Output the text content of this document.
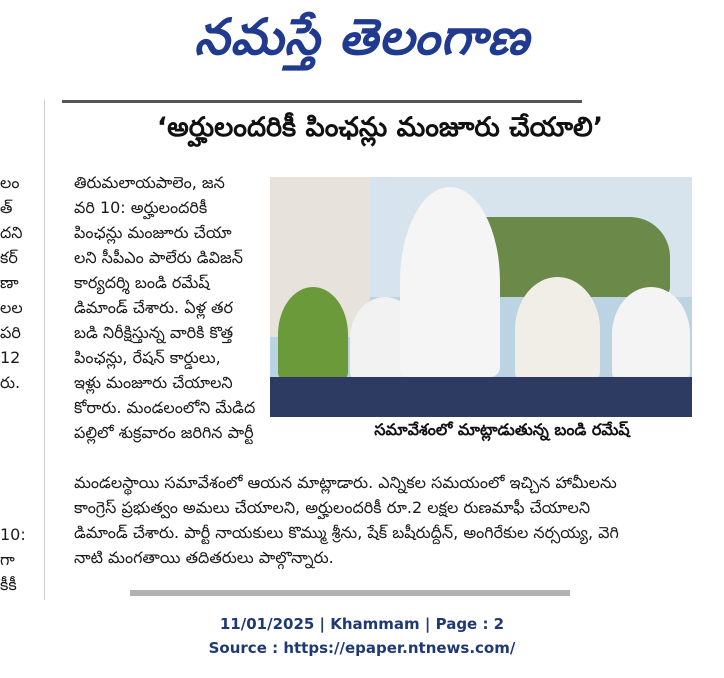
నమస్తే తెలంగాణ
లం
త్
దని
కర్
ణా
లల
పరి
12
రు.
10:
గా
కీకీ
‘అర్హులందరికీ పింఛన్లు మంజూరు చేయాలి’
తిరుమలాయపాలెం, జన
వరి 10: అర్హులందరికీ
పింఛన్లు మంజూరు చేయా
లని సీపీఎం పాలేరు డివిజన్
కార్యదర్శి బండి రమేష్
డిమాండ్ చేశారు. ఏళ్ల తర
బడి నిరీక్షిస్తున్న వారికి కొత్త
పింఛన్లు, రేషన్ కార్డులు,
ఇళ్లు మంజూరు చేయాలని
కోరారు. మండలంలోని మేడిద
పల్లిలో శుక్రవారం జరిగిన పార్టీ	సమావేశంలో మాట్లాడుతున్న బండి రమేష్
మండలస్థాయి సమావేశంలో ఆయన మాట్లాడారు. ఎన్నికల సమయంలో ఇచ్చిన హామీలను
కాంగ్రెస్ ప్రభుత్వం అమలు చేయాలని, అర్హులందరికీ రూ.2 లక్షల రుణమాఫీ చేయాలని
డిమాండ్ చేశారు. పార్టీ నాయకులు కొమ్ము శ్రీను, షేక్ బషీరుద్దీన్, అంగిరేకుల నర్సయ్య, వెగి
నాటి మంగతాయి తదితరులు పాల్గొన్నారు.
11/01/2025 | Khammam | Page : 2
Source : https://epaper.ntnews.com/
